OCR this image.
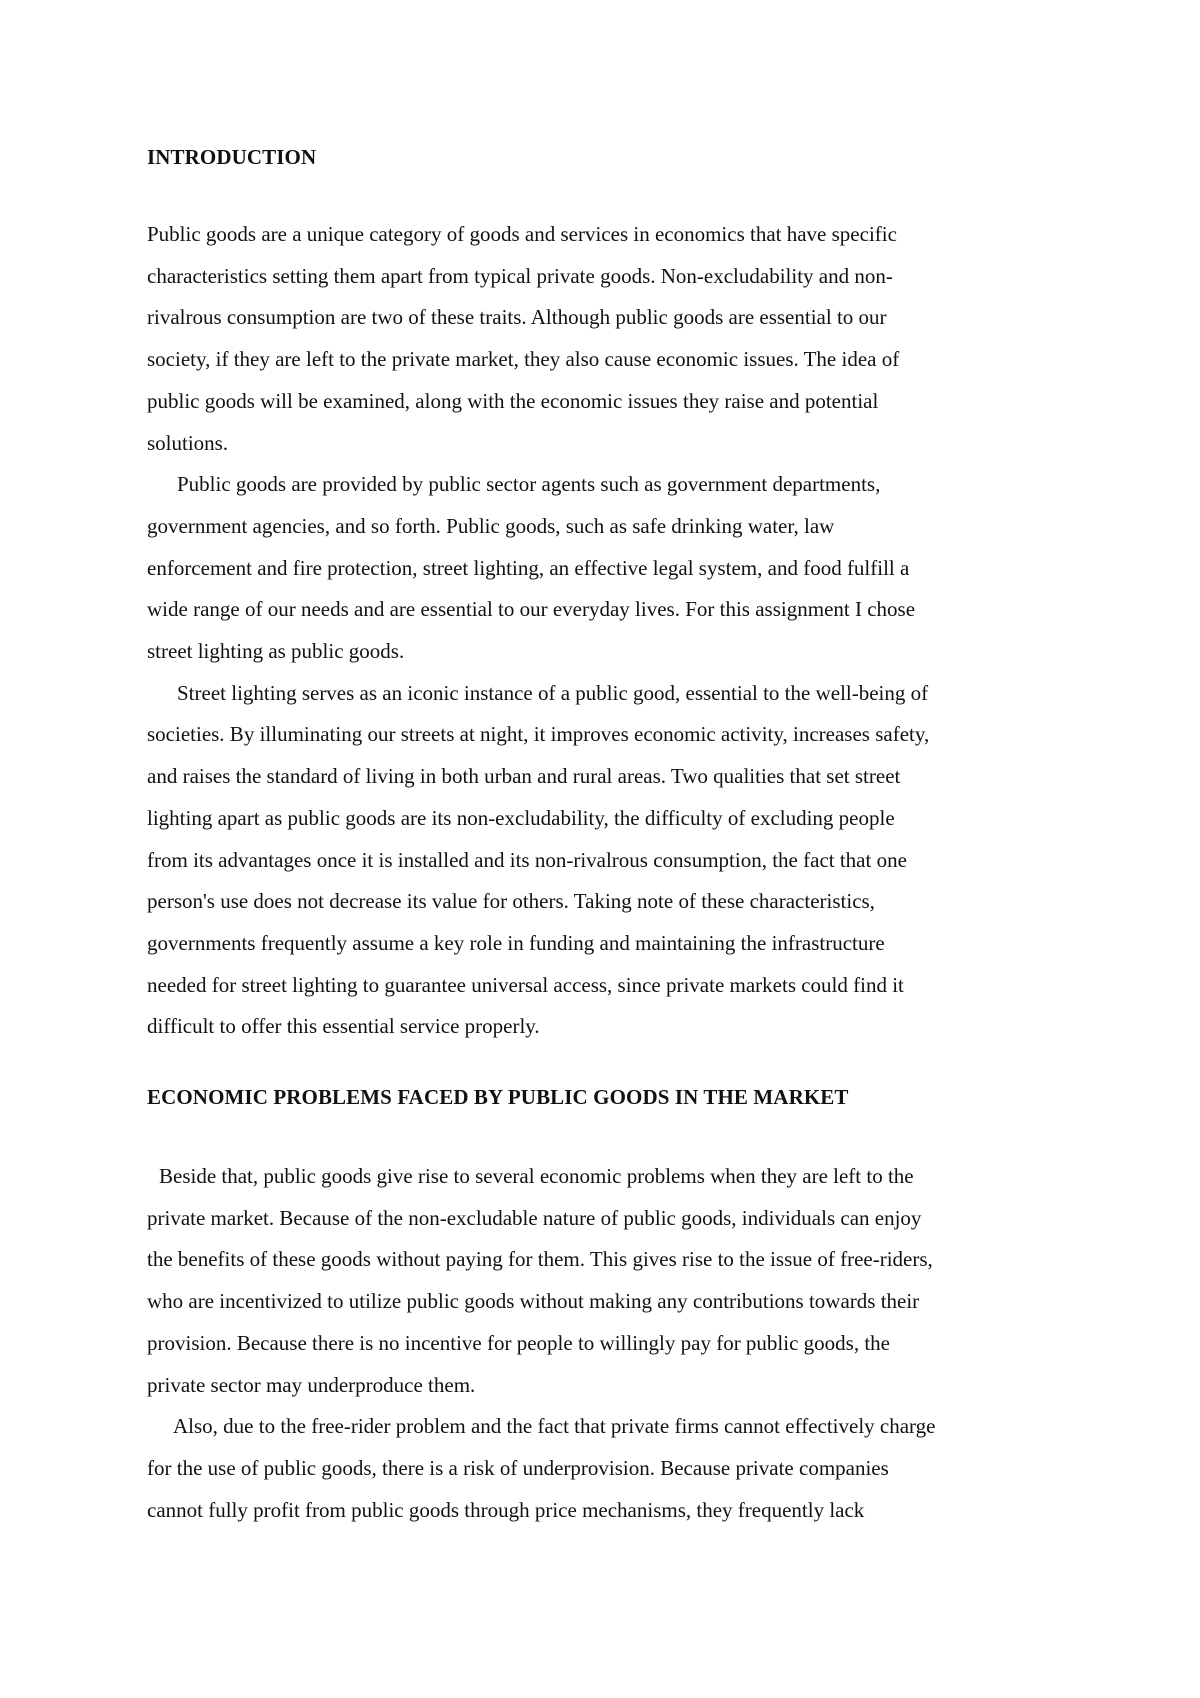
INTRODUCTION

Public goods are a unique category of goods and services in economics that have specific
characteristics setting them apart from typical private goods. Non-excludability and non-
rivalrous consumption are two of these traits. Although public goods are essential to our
society, if they are left to the private market, they also cause economic issues. The idea of
public goods will be examined, along with the economic issues they raise and potential
solutions.

Public goods are provided by public sector agents such as government departments,
government agencies, and so forth. Public goods, such as safe drinking water, law
enforcement and fire protection, street lighting, an effective legal system, and food fulfill a
wide range of our needs and are essential to our everyday lives. For this assignment I chose
street lighting as public goods.

Street lighting serves as an iconic instance of a public good, essential to the well-being of
societies. By illuminating our streets at night, it improves economic activity, increases safety,
and raises the standard of living in both urban and rural areas. Two qualities that set street
lighting apart as public goods are its non-excludability, the difficulty of excluding people
from its advantages once it is installed and its non-rivalrous consumption, the fact that one
person's use does not decrease its value for others. Taking note of these characteristics,
governments frequently assume a key role in funding and maintaining the infrastructure
needed for street lighting to guarantee universal access, since private markets could find it
difficult to offer this essential service properly.

ECONOMIC PROBLEMS FACED BY PUBLIC GOODS IN THE MARKET

Beside that, public goods give rise to several economic problems when they are left to the
private market. Because of the non-excludable nature of public goods, individuals can enjoy
the benefits of these goods without paying for them. This gives rise to the issue of free-riders,
who are incentivized to utilize public goods without making any contributions towards their
provision. Because there is no incentive for people to willingly pay for public goods, the
private sector may underproduce them.

Also, due to the free-rider problem and the fact that private firms cannot effectively charge
for the use of public goods, there is a risk of underprovision. Because private companies
cannot fully profit from public goods through price mechanisms, they frequently lack
